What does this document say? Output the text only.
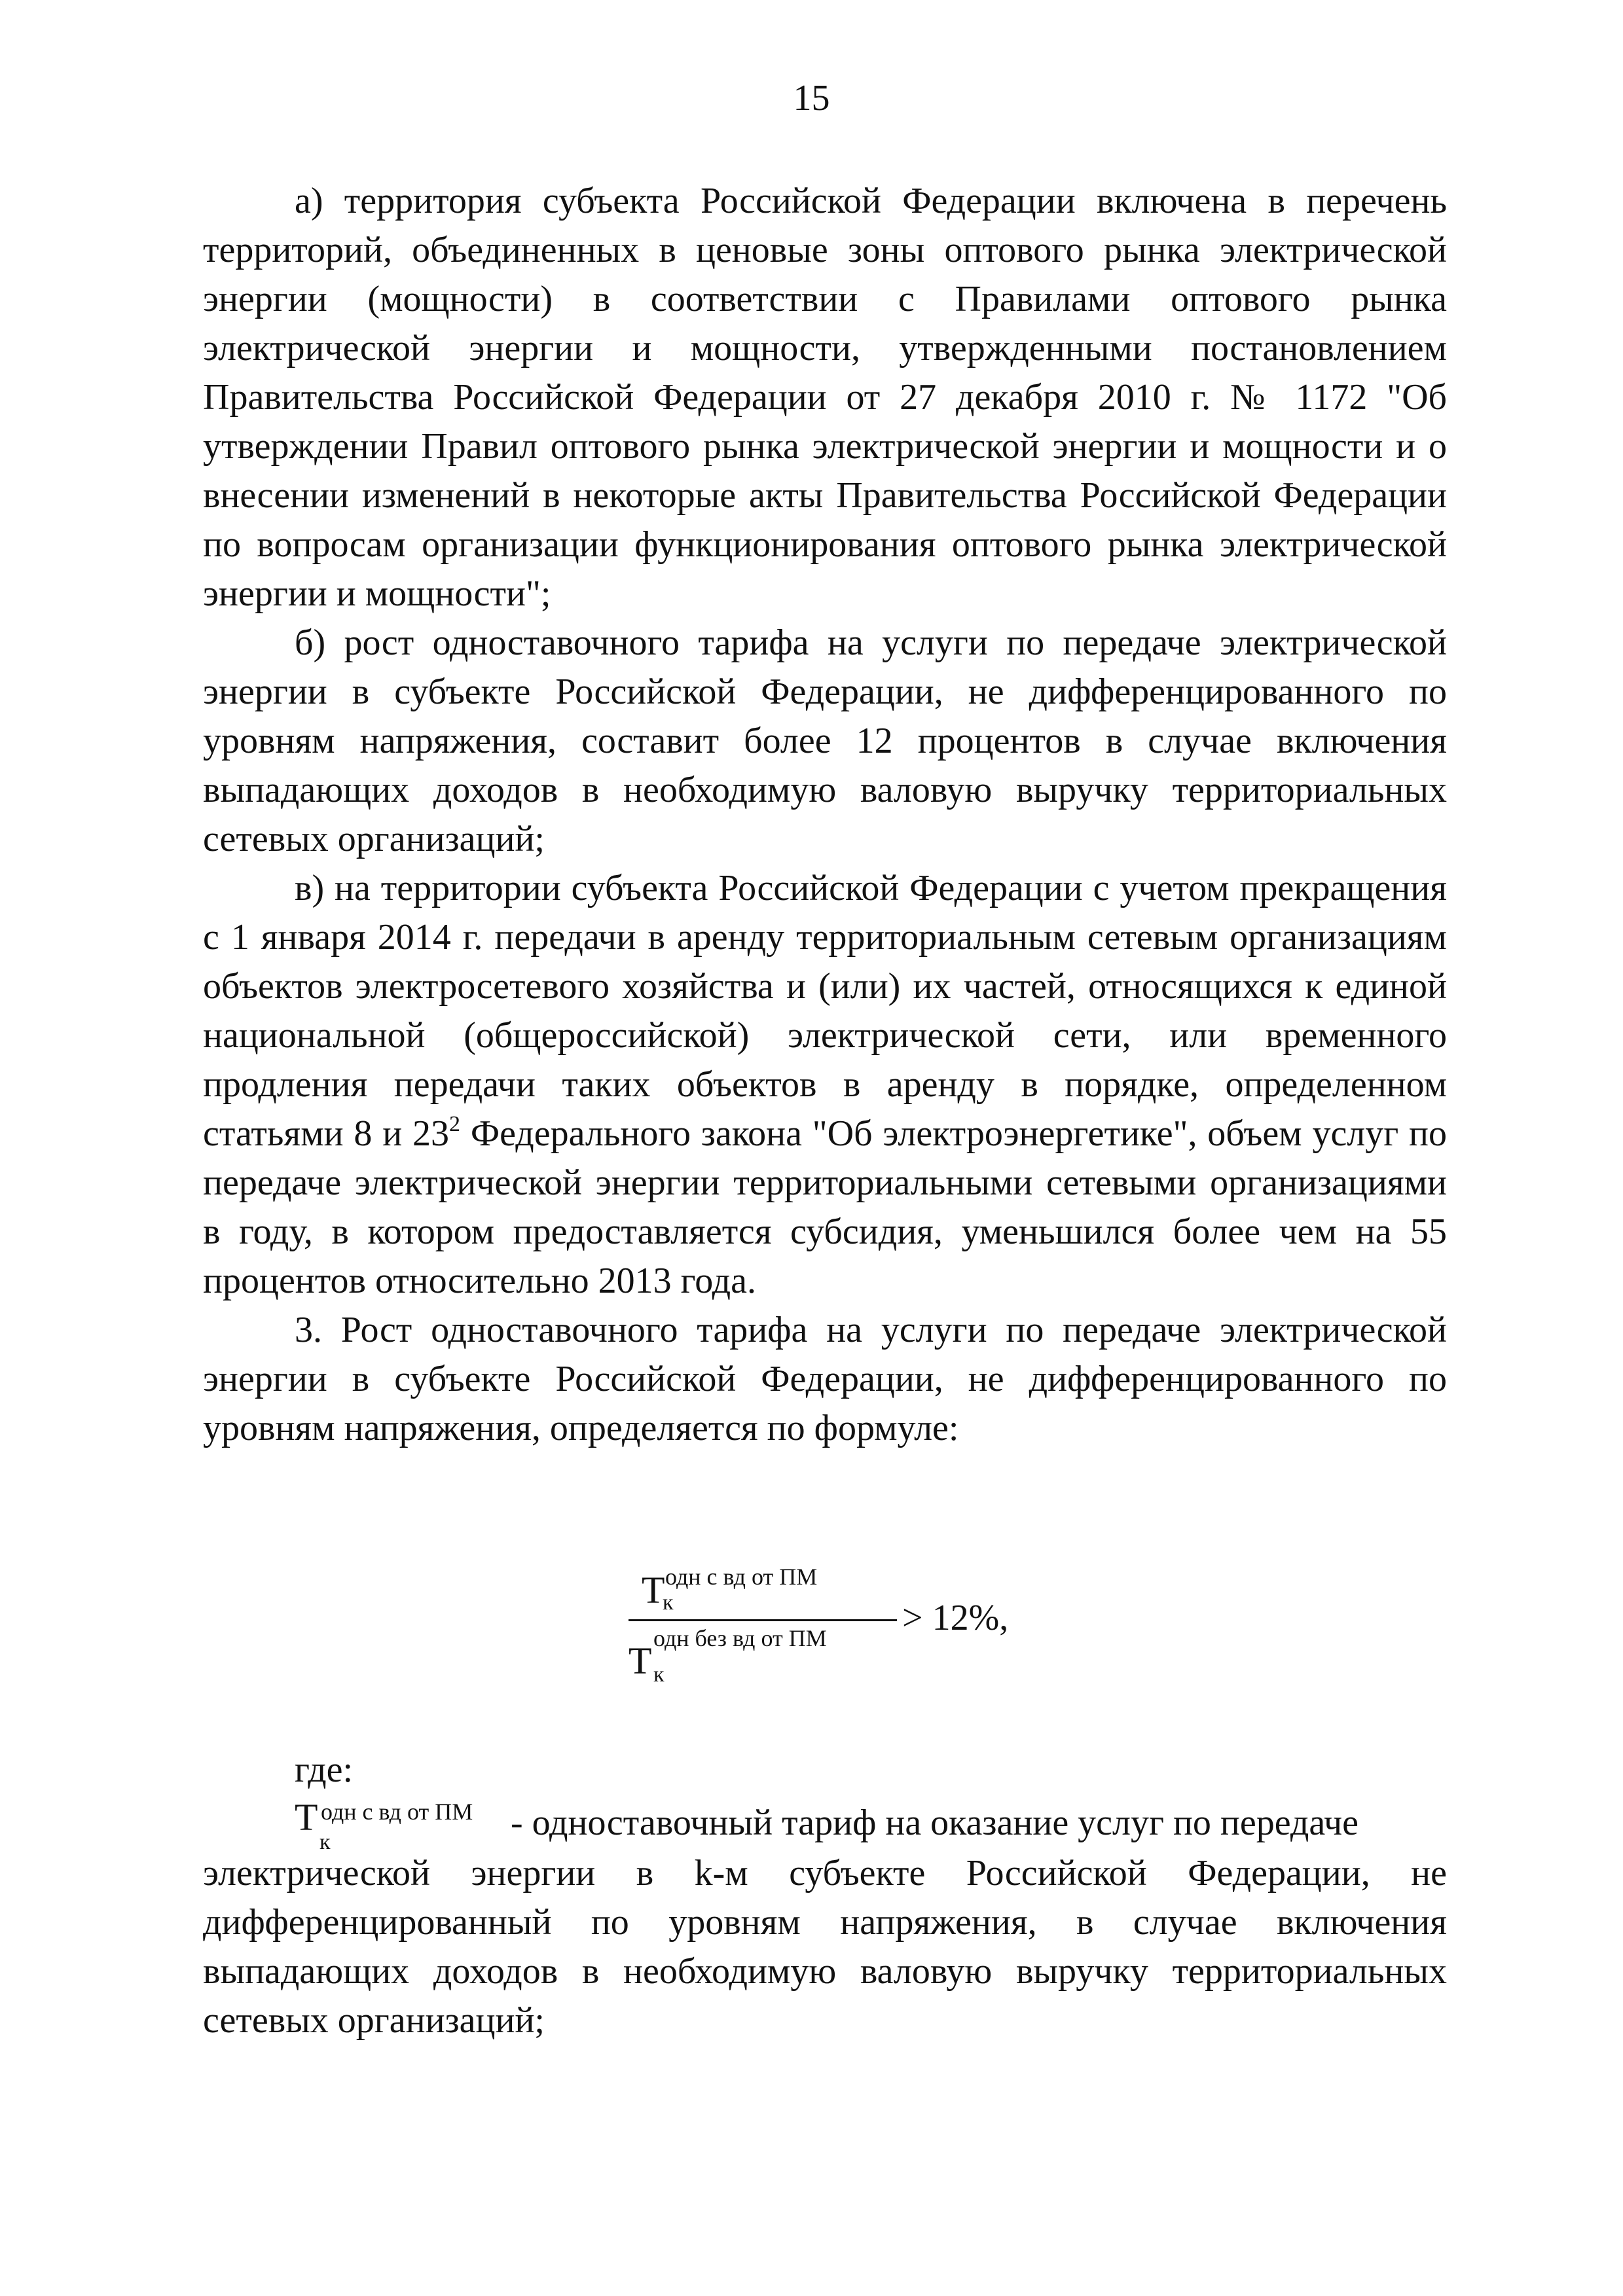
15

а) территория субъекта Российской Федерации включена в перечень территорий, объединенных в ценовые зоны оптового рынка электрической энергии (мощности) в соответствии с Правилами оптового рынка электрической энергии и мощности, утвержденными постановлением Правительства Российской Федерации от 27 декабря 2010 г. № 1172 "Об утверждении Правил оптового рынка электрической энергии и мощности и о внесении изменений в некоторые акты Правительства Российской Федерации по вопросам организации функционирования оптового рынка электрической энергии и мощности";

б) рост одноставочного тарифа на услуги по передаче электрической энергии в субъекте Российской Федерации, не дифференцированного по уровням напряжения, составит более 12 процентов в случае включения выпадающих доходов в необходимую валовую выручку территориальных сетевых организаций;

в) на территории субъекта Российской Федерации с учетом прекращения с 1 января 2014 г. передачи в аренду территориальным сетевым организациям объектов электросетевого хозяйства и (или) их частей, относящихся к единой национальной (общероссийской) электрической сети, или временного продления передачи таких объектов в аренду в порядке, определенном статьями 8 и $23^2$ Федерального закона "Об электроэнергетике", объем услуг по передаче электрической энергии территориальными сетевыми организациями в году, в котором предоставляется субсидия, уменьшился более чем на 55 процентов относительно 2013 года.

3. Рост одноставочного тарифа на услуги по передаче электрической энергии в субъекте Российской Федерации, не дифференцированного по уровням напряжения, определяется по формуле:

Т одн с вд от ПМ
к
Т
одн без вд от ПМ
к
> 12%,
где:
Т одн с вд от ПМ
к	- одноставочный тариф на оказание услуг по передаче

электрической энергии в k-м субъекте Российской Федерации, не дифференцированный по уровням напряжения, в случае включения выпадающих доходов в необходимую валовую выручку территориальных сетевых организаций;
